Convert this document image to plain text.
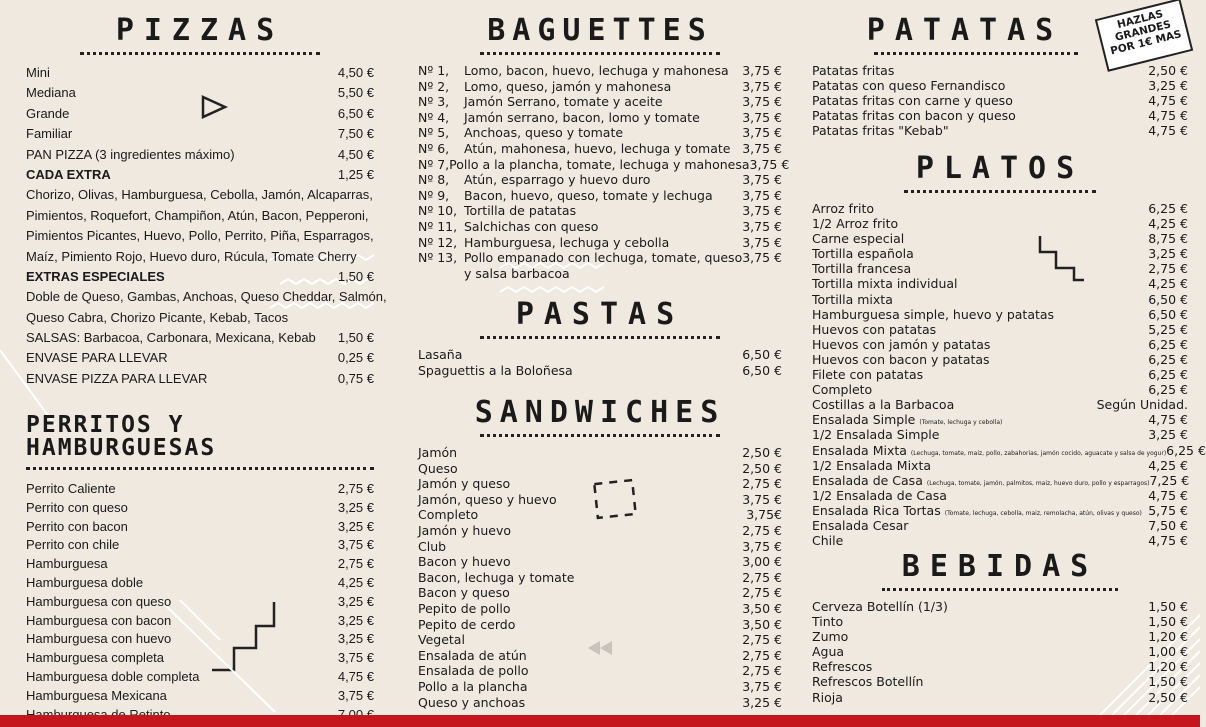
PIZZAS
Mini	4,50 €
Mediana	5,50 €
Grande	6,50 €
Familiar	7,50 €
PAN PIZZA (3 ingredientes máximo)	4,50 €
CADA EXTRA	1,25 €
Chorizo, Olivas, Hamburguesa, Cebolla, Jamón, Alcaparras,
Pimientos, Roquefort, Champiñon, Atún, Bacon, Pepperoni,
Pimientos Picantes, Huevo, Pollo, Perrito, Piña, Esparragos,
Maíz, Pimiento Rojo, Huevo duro, Rúcula, Tomate Cherry
EXTRAS ESPECIALES	1,50 €
Doble de Queso, Gambas, Anchoas, Queso Cheddar, Salmón,
Queso Cabra, Chorizo Picante, Kebab, Tacos
SALSAS: Barbacoa, Carbonara, Mexicana, Kebab 1,50 €
ENVASE PARA LLEVAR	0,25 €
ENVASE PIZZA PARA LLEVAR	0,75 €
PERRITOS Y HAMBURGUESAS
Perrito Caliente	2,75 €
Perrito con queso	3,25 €
Perrito con bacon	3,25 €
Perrito con chile	3,75 €
Hamburguesa	2,75 €
Hamburguesa doble	4,25 €
Hamburguesa con queso	3,25 €
Hamburguesa con bacon	3,25 €
Hamburguesa con huevo	3,25 €
Hamburguesa completa	3,75 €
Hamburguesa doble completa	4,75 €
Hamburguesa Mexicana	3,75 €
BAGUETTES
Nº 1,	Lomo, bacon, huevo, lechuga y mahonesa	3,75 €
Nº 2,	Lomo, queso, jamón y mahonesa	3,75 €
Nº 3,	Jamón Serrano, tomate y aceite	3,75 €
Nº 4,	Jamón serrano, bacon, lomo y tomate	3,75 €
Nº 5,	Anchoas, queso y tomate	3,75 €
Nº 6,	Atún, mahonesa, huevo, lechuga y tomate 3,75 €
Nº 7, Pollo a la plancha, tomate, lechuga y mahonesa 3,75 €
Nº 8,	Atún, esparrago y huevo duro	3,75 €
Nº 9,	Bacon, huevo, queso, tomate y lechuga	3,75 €
Nº 10, Tortilla de patatas	3,75 €
Nº 11, Salchichas con queso	3,75 €
Nº 12, Hamburguesa, lechuga y cebolla	3,75 €
Nº 13, Pollo empanado con lechuga, tomate, queso 3,75 €
y salsa barbacoa
PASTAS
Lasaña	6,50 €
Spaguettis a la Boloñesa	6,50 €
SANDWICHES
Jamón	2,50 €
Queso	2,50 €
Jamón y queso	2,75 €
Jamón, queso y huevo	3,75 €
Completo	3,75€
Jamón y huevo	2,75 €
Club	3,75 €
Bacon y huevo	3,00 €
Bacon, lechuga y tomate	2,75 €
Bacon y queso	2,75 €
Pepito de pollo	3,50 €
Pepito de cerdo	3,50 €
Vegetal	2,75 €
Ensalada de atún	2,75 €
Ensalada de pollo	2,75 €
Pollo a la plancha	3,75 €
Queso y anchoas	3,25 €
PATATAS
Patatas fritas	2,50 €
Patatas con queso Fernandisco	3,25 €
Patatas fritas con carne y queso	4,75 €
Patatas fritas con bacon y queso	4,75 €
Patatas fritas "Kebab"	4,75 €
HAZLAS GRANDES POR 1€ MAS
PLATOS
Arroz frito	6,25 €
1/2 Arroz frito	4,25 €
Carne especial	8,75 €
Tortilla española	3,25 €
Tortilla francesa	2,75 €
Tortilla mixta individual	4,25 €
Tortilla mixta	6,50 €
Hamburguesa simple, huevo y patatas	6,50 €
Huevos con patatas	5,25 €
Huevos con jamón y patatas	6,25 €
Huevos con bacon y patatas	6,25 €
Filete con patatas	6,25 €
Completo	6,25 €
Costillas a la Barbacoa	Según Unidad.
Ensalada Simple (Tomate, lechuga y cebolla)	4,75 €
1/2 Ensalada Simple	3,25 €
Ensalada Mixta (Lechuga, tomate, maiz, pollo, zabahorias, jamón cocido, aguacate y salsa de yogur) 6,25 €
1/2 Ensalada Mixta	4,25 €
Ensalada de Casa (Lechuga, tomate, jamón, palmitos, maiz, huevo duro, pollo y esparragos) 7,25 €
1/2 Ensalada de Casa	4,75 €
Ensalada Rica Tortas (Tomate, lechuga, cebolla, maiz, remolacha, atún, olivas y queso) 5,75 €
Ensalada Cesar	7,50 €
Chile	4,75 €
BEBIDAS
Cerveza Botellín (1/3)	1,50 €
Tinto	1,50 €
Zumo	1,20 €
Agua	1,00 €
Refrescos	1,20 €
Refrescos Botellín	1,50 €
Rioja	2,50 €
